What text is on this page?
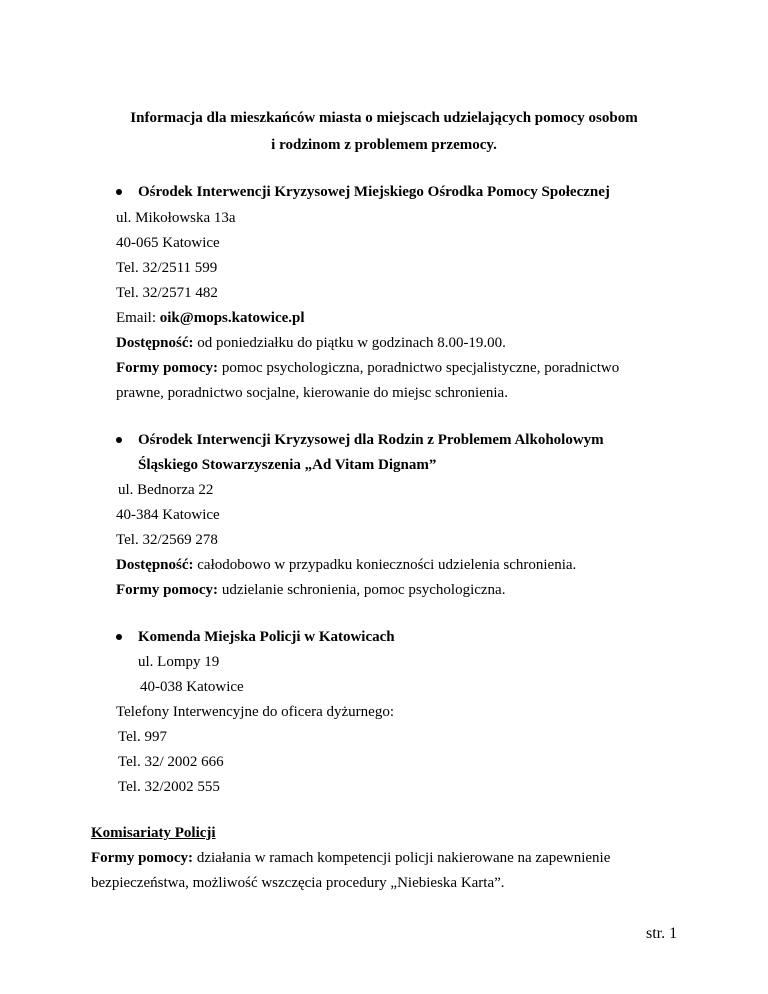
Informacja dla mieszkańców miasta o miejscach udzielających pomocy osobom
i rodzinom z problemem przemocy.
Ośrodek Interwencji Kryzysowej Miejskiego Ośrodka Pomocy Społecznej
ul. Mikołowska 13a
40-065 Katowice
Tel. 32/2511 599
Tel. 32/2571 482
Email: oik@mops.katowice.pl
Dostępność: od poniedziałku do piątku w godzinach 8.00-19.00.
Formy pomocy: pomoc psychologiczna, poradnictwo specjalistyczne, poradnictwo
prawne, poradnictwo socjalne, kierowanie do miejsc schronienia.
Ośrodek Interwencji Kryzysowej dla Rodzin z Problemem Alkoholowym
Śląskiego Stowarzyszenia „Ad Vitam Dignam”
ul. Bednorza 22
40-384 Katowice
Tel. 32/2569 278
Dostępność: całodobowo w przypadku konieczności udzielenia schronienia.
Formy pomocy: udzielanie schronienia, pomoc psychologiczna.
Komenda Miejska Policji w Katowicach
ul. Lompy 19
40-038 Katowice
Telefony Interwencyjne do oficera dyżurnego:
Tel. 997
Tel. 32/ 2002 666
Tel. 32/2002 555
Komisariaty Policji
Formy pomocy: działania w ramach kompetencji policji nakierowane na zapewnienie
bezpieczeństwa, możliwość wszczęcia procedury „Niebieska Karta”.
str. 1
